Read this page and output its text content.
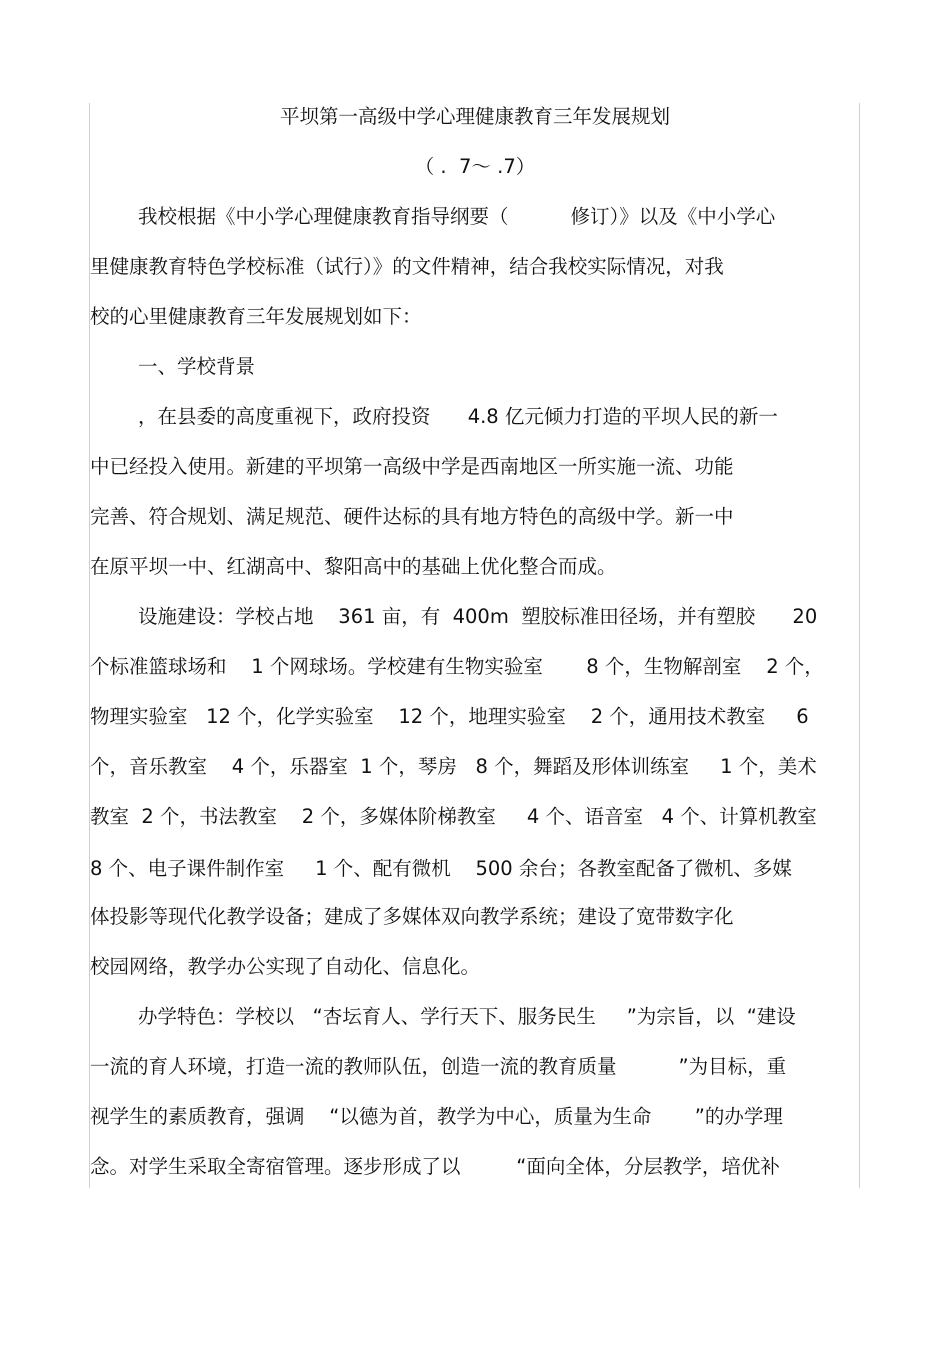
平坝第一高级中学心理健康教育三年发展规划
（ .  7～ .7）
我校根据《中小学心理健康教育指导纲要（          修订）》以及《中小学心
里健康教育特色学校标准（试行）》的文件精神，结合我校实际情况，对我
校的心里健康教育三年发展规划如下：
一、学校背景
，在县委的高度重视下，政府投资      4.8 亿元倾力打造的平坝人民的新一
中已经投入使用。新建的平坝第一高级中学是西南地区一所实施一流、功能
完善、符合规划、满足规范、硬件达标的具有地方特色的高级中学。新一中
在原平坝一中、红湖高中、黎阳高中的基础上优化整合而成。
设施建设：学校占地    361 亩，有  400m  塑胶标准田径场，并有塑胶      20
个标准篮球场和    1 个网球场。学校建有生物实验室       8 个，生物解剖室    2 个，
物理实验室   12 个，化学实验室    12 个，地理实验室    2 个，通用技术教室     6
个，音乐教室    4 个，乐器室  1 个，琴房   8 个，舞蹈及形体训练室     1 个，美术
教室  2 个，书法教室    2 个，多媒体阶梯教室     4 个、语音室   4 个、计算机教室
8 个、电子课件制作室     1 个、配有微机    500 余台；各教室配备了微机、多媒
体投影等现代化教学设备；建成了多媒体双向教学系统；建设了宽带数字化
校园网络，教学办公实现了自动化、信息化。
办学特色：学校以   “杏坛育人、学行天下、服务民生     ”为宗旨，以  “建设
一流的育人环境，打造一流的教师队伍，创造一流的教育质量          ”为目标，重
视学生的素质教育，强调    “以德为首，教学为中心，质量为生命       ”的办学理
念。对学生采取全寄宿管理。逐步形成了以         “面向全体，分层教学，培优补
